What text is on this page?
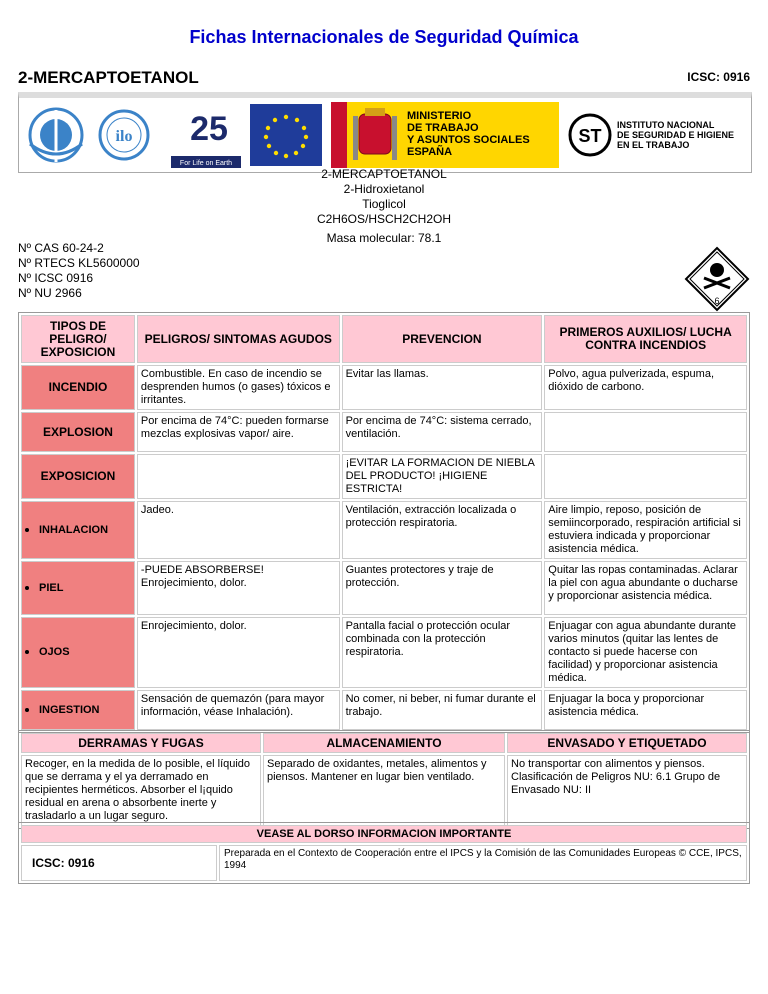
Fichas Internacionales de Seguridad Química
2-MERCAPTOETANOL	ICSC: 0916
ilo 25
For Life on Earth
MINISTERIO
DE TRABAJO
Y ASUNTOS SOCIALES
ESPAÑA
ST
INSTITUTO NACIONAL
DE SEGURIDAD E HIGIENE
EN EL TRABAJO
2-MERCAPTOETANOL
2-Hidroxietanol
Tioglicol
C2H6OS/HSCH2CH2OH
Masa molecular: 78.1
Nº CAS 60-24-2
Nº RTECS KL5600000
Nº ICSC 0916
Nº NU 2966
6
TIPOS DE PELIGRO/ EXPOSICION	PELIGROS/ SINTOMAS AGUDOS	PREVENCION	PRIMEROS AUXILIOS/ LUCHA CONTRA INCENDIOS
INCENDIO	Combustible. En caso de incendio se desprenden humos (o gases) tóxicos e irritantes.	Evitar las llamas.	Polvo, agua pulverizada, espuma, dióxido de carbono.
EXPLOSION	Por encima de 74°C: pueden formarse mezclas explosivas vapor/ aire.	Por encima de 74°C: sistema cerrado, ventilación.	
EXPOSICION		¡EVITAR LA FORMACION DE NIEBLA DEL PRODUCTO! ¡HIGIENE ESTRICTA!	
INHALACION	Jadeo.	Ventilación, extracción localizada o protección respiratoria.	Aire limpio, reposo, posición de semiincorporado, respiración artificial si estuviera indicada y proporcionar asistencia médica.
PIEL	-PUEDE ABSORBERSE! Enrojecimiento, dolor.	Guantes protectores y traje de protección.	Quitar las ropas contaminadas. Aclarar la piel con agua abundante o ducharse y proporcionar asistencia médica.
OJOS	Enrojecimiento, dolor.	Pantalla facial o protección ocular combinada con la protección respiratoria.	Enjuagar con agua abundante durante varios minutos (quitar las lentes de contacto si puede hacerse con facilidad) y proporcionar asistencia médica.
INGESTION	Sensación de quemazón (para mayor información, véase Inhalación).	No comer, ni beber, ni fumar durante el trabajo.	Enjuagar la boca y proporcionar asistencia médica.
DERRAMAS Y FUGAS	ALMACENAMIENTO	ENVASADO Y ETIQUETADO
Recoger, en la medida de lo posible, el líquido que se derrama y el ya derramado en recipientes herméticos. Absorber el l¡quido residual en arena o absorbente inerte y trasladarlo a un lugar seguro.	Separado de oxidantes, metales, alimentos y piensos. Mantener en lugar bien ventilado.	No transportar con alimentos y piensos. Clasificación de Peligros NU: 6.1 Grupo de Envasado NU: II
VEASE AL DORSO INFORMACION IMPORTANTE
ICSC: 0916	Preparada en el Contexto de Cooperación entre el IPCS y la Comisión de las Comunidades Europeas © CCE, IPCS, 1994
